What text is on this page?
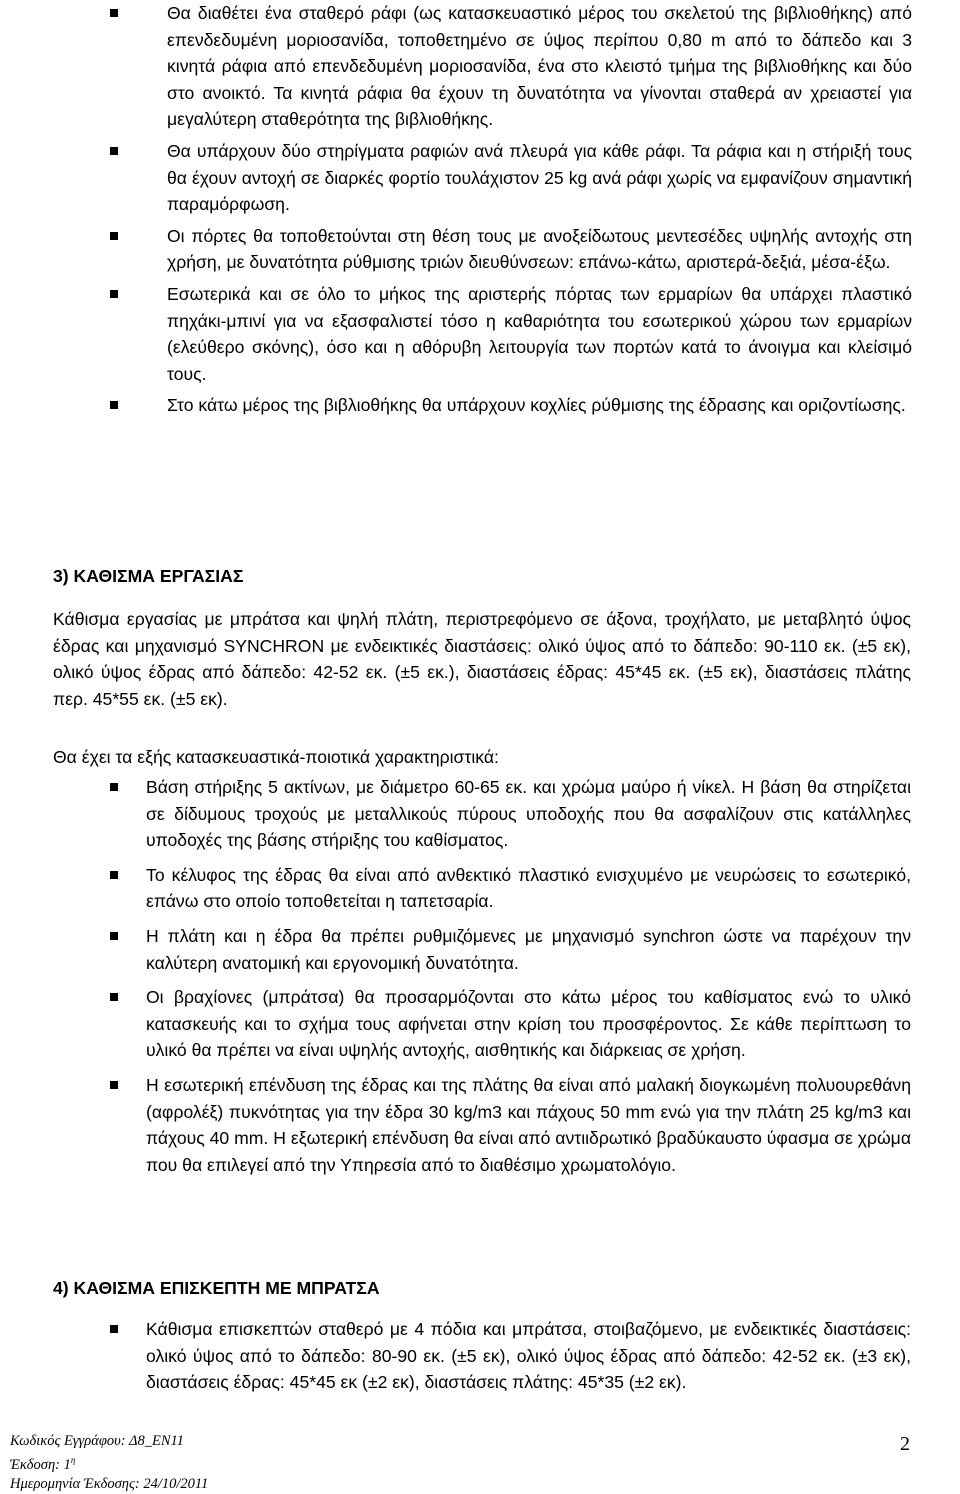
Θα διαθέτει ένα σταθερό ράφι (ως κατασκευαστικό μέρος του σκελετού της βιβλιοθήκης) από επενδεδυμένη μοριοσανίδα, τοποθετημένο σε ύψος περίπου 0,80 m από το δάπεδο και 3 κινητά ράφια από επενδεδυμένη μοριοσανίδα, ένα στο κλειστό τμήμα της βιβλιοθήκης και δύο στο ανοικτό. Τα κινητά ράφια θα έχουν τη δυνατότητα να γίνονται σταθερά αν χρειαστεί για μεγαλύτερη σταθερότητα της βιβλιοθήκης.
Θα υπάρχουν δύο στηρίγματα ραφιών ανά πλευρά για κάθε ράφι. Τα ράφια και η στήριξή τους θα έχουν αντοχή σε διαρκές φορτίο τουλάχιστον 25 kg ανά ράφι χωρίς να εμφανίζουν σημαντική παραμόρφωση.
Οι πόρτες θα τοποθετούνται στη θέση τους με ανοξείδωτους μεντεσέδες υψηλής αντοχής στη χρήση, με δυνατότητα ρύθμισης τριών διευθύνσεων: επάνω-κάτω, αριστερά-δεξιά, μέσα-έξω.
Εσωτερικά και σε όλο το μήκος της αριστερής πόρτας των ερμαρίων θα υπάρχει πλαστικό πηχάκι-μπινί για να εξασφαλιστεί τόσο η καθαριότητα του εσωτερικού χώρου των ερμαρίων (ελεύθερο σκόνης), όσο και η αθόρυβη λειτουργία των πορτών κατά το άνοιγμα και κλείσιμό τους.
Στο κάτω μέρος της βιβλιοθήκης θα υπάρχουν κοχλίες ρύθμισης της έδρασης και οριζοντίωσης.
3) ΚΑΘΙΣΜΑ ΕΡΓΑΣΙΑΣ

Κάθισμα εργασίας με μπράτσα και ψηλή πλάτη, περιστρεφόμενο σε άξονα, τροχήλατο, με μεταβλητό ύψος έδρας και μηχανισμό SYNCHRON με ενδεικτικές διαστάσεις: ολικό ύψος από το δάπεδο: 90-110 εκ. (±5 εκ), ολικό ύψος έδρας από δάπεδο: 42-52 εκ. (±5 εκ.), διαστάσεις έδρας: 45*45 εκ. (±5 εκ), διαστάσεις πλάτης περ. 45*55 εκ. (±5 εκ).

Θα έχει τα εξής κατασκευαστικά-ποιοτικά χαρακτηριστικά:

Βάση στήριξης 5 ακτίνων, με διάμετρο 60-65 εκ. και χρώμα μαύρο ή νίκελ. Η βάση θα στηρίζεται σε δίδυμους τροχούς με μεταλλικούς πύρους υποδοχής που θα ασφαλίζουν στις κατάλληλες υποδοχές της βάσης στήριξης του καθίσματος.
Το κέλυφος της έδρας θα είναι από ανθεκτικό πλαστικό ενισχυμένο με νευρώσεις το εσωτερικό, επάνω στο οποίο τοποθετείται η ταπετσαρία.
Η πλάτη και η έδρα θα πρέπει ρυθμιζόμενες με μηχανισμό synchron ώστε να παρέχουν την καλύτερη ανατομική και εργονομική δυνατότητα.
Οι βραχίονες (μπράτσα) θα προσαρμόζονται στο κάτω μέρος του καθίσματος ενώ το υλικό κατασκευής και το σχήμα τους αφήνεται στην κρίση του προσφέροντος. Σε κάθε περίπτωση το υλικό θα πρέπει να είναι υψηλής αντοχής, αισθητικής και διάρκειας σε χρήση.
Η εσωτερική επένδυση της έδρας και της πλάτης θα είναι από μαλακή διογκωμένη πολυουρεθάνη (αφρολέξ) πυκνότητας για την έδρα 30 kg/m3 και πάχους 50 mm ενώ για την πλάτη 25 kg/m3 και πάχους 40 mm. Η εξωτερική επένδυση θα είναι από αντιιδρωτικό βραδύκαυστο ύφασμα σε χρώμα που θα επιλεγεί από την Υπηρεσία από το διαθέσιμο χρωματολόγιο.
4) ΚΑΘΙΣΜΑ ΕΠΙΣΚΕΠΤΗ ΜΕ ΜΠΡΑΤΣΑ
Κάθισμα επισκεπτών σταθερό με 4 πόδια και μπράτσα, στοιβαζόμενο, με ενδεικτικές διαστάσεις: ολικό ύψος από το δάπεδο: 80-90 εκ. (±5 εκ), ολικό ύψος έδρας από δάπεδο: 42-52 εκ. (±3 εκ), διαστάσεις έδρας: 45*45 εκ (±2 εκ), διαστάσεις πλάτης: 45*35 (±2 εκ).
Κωδικός Εγγράφου: Δ8_ΕΝ11
Έκδοση: $1^\eta$
Ημερομηνία Έκδοσης: 24/10/2011
2
